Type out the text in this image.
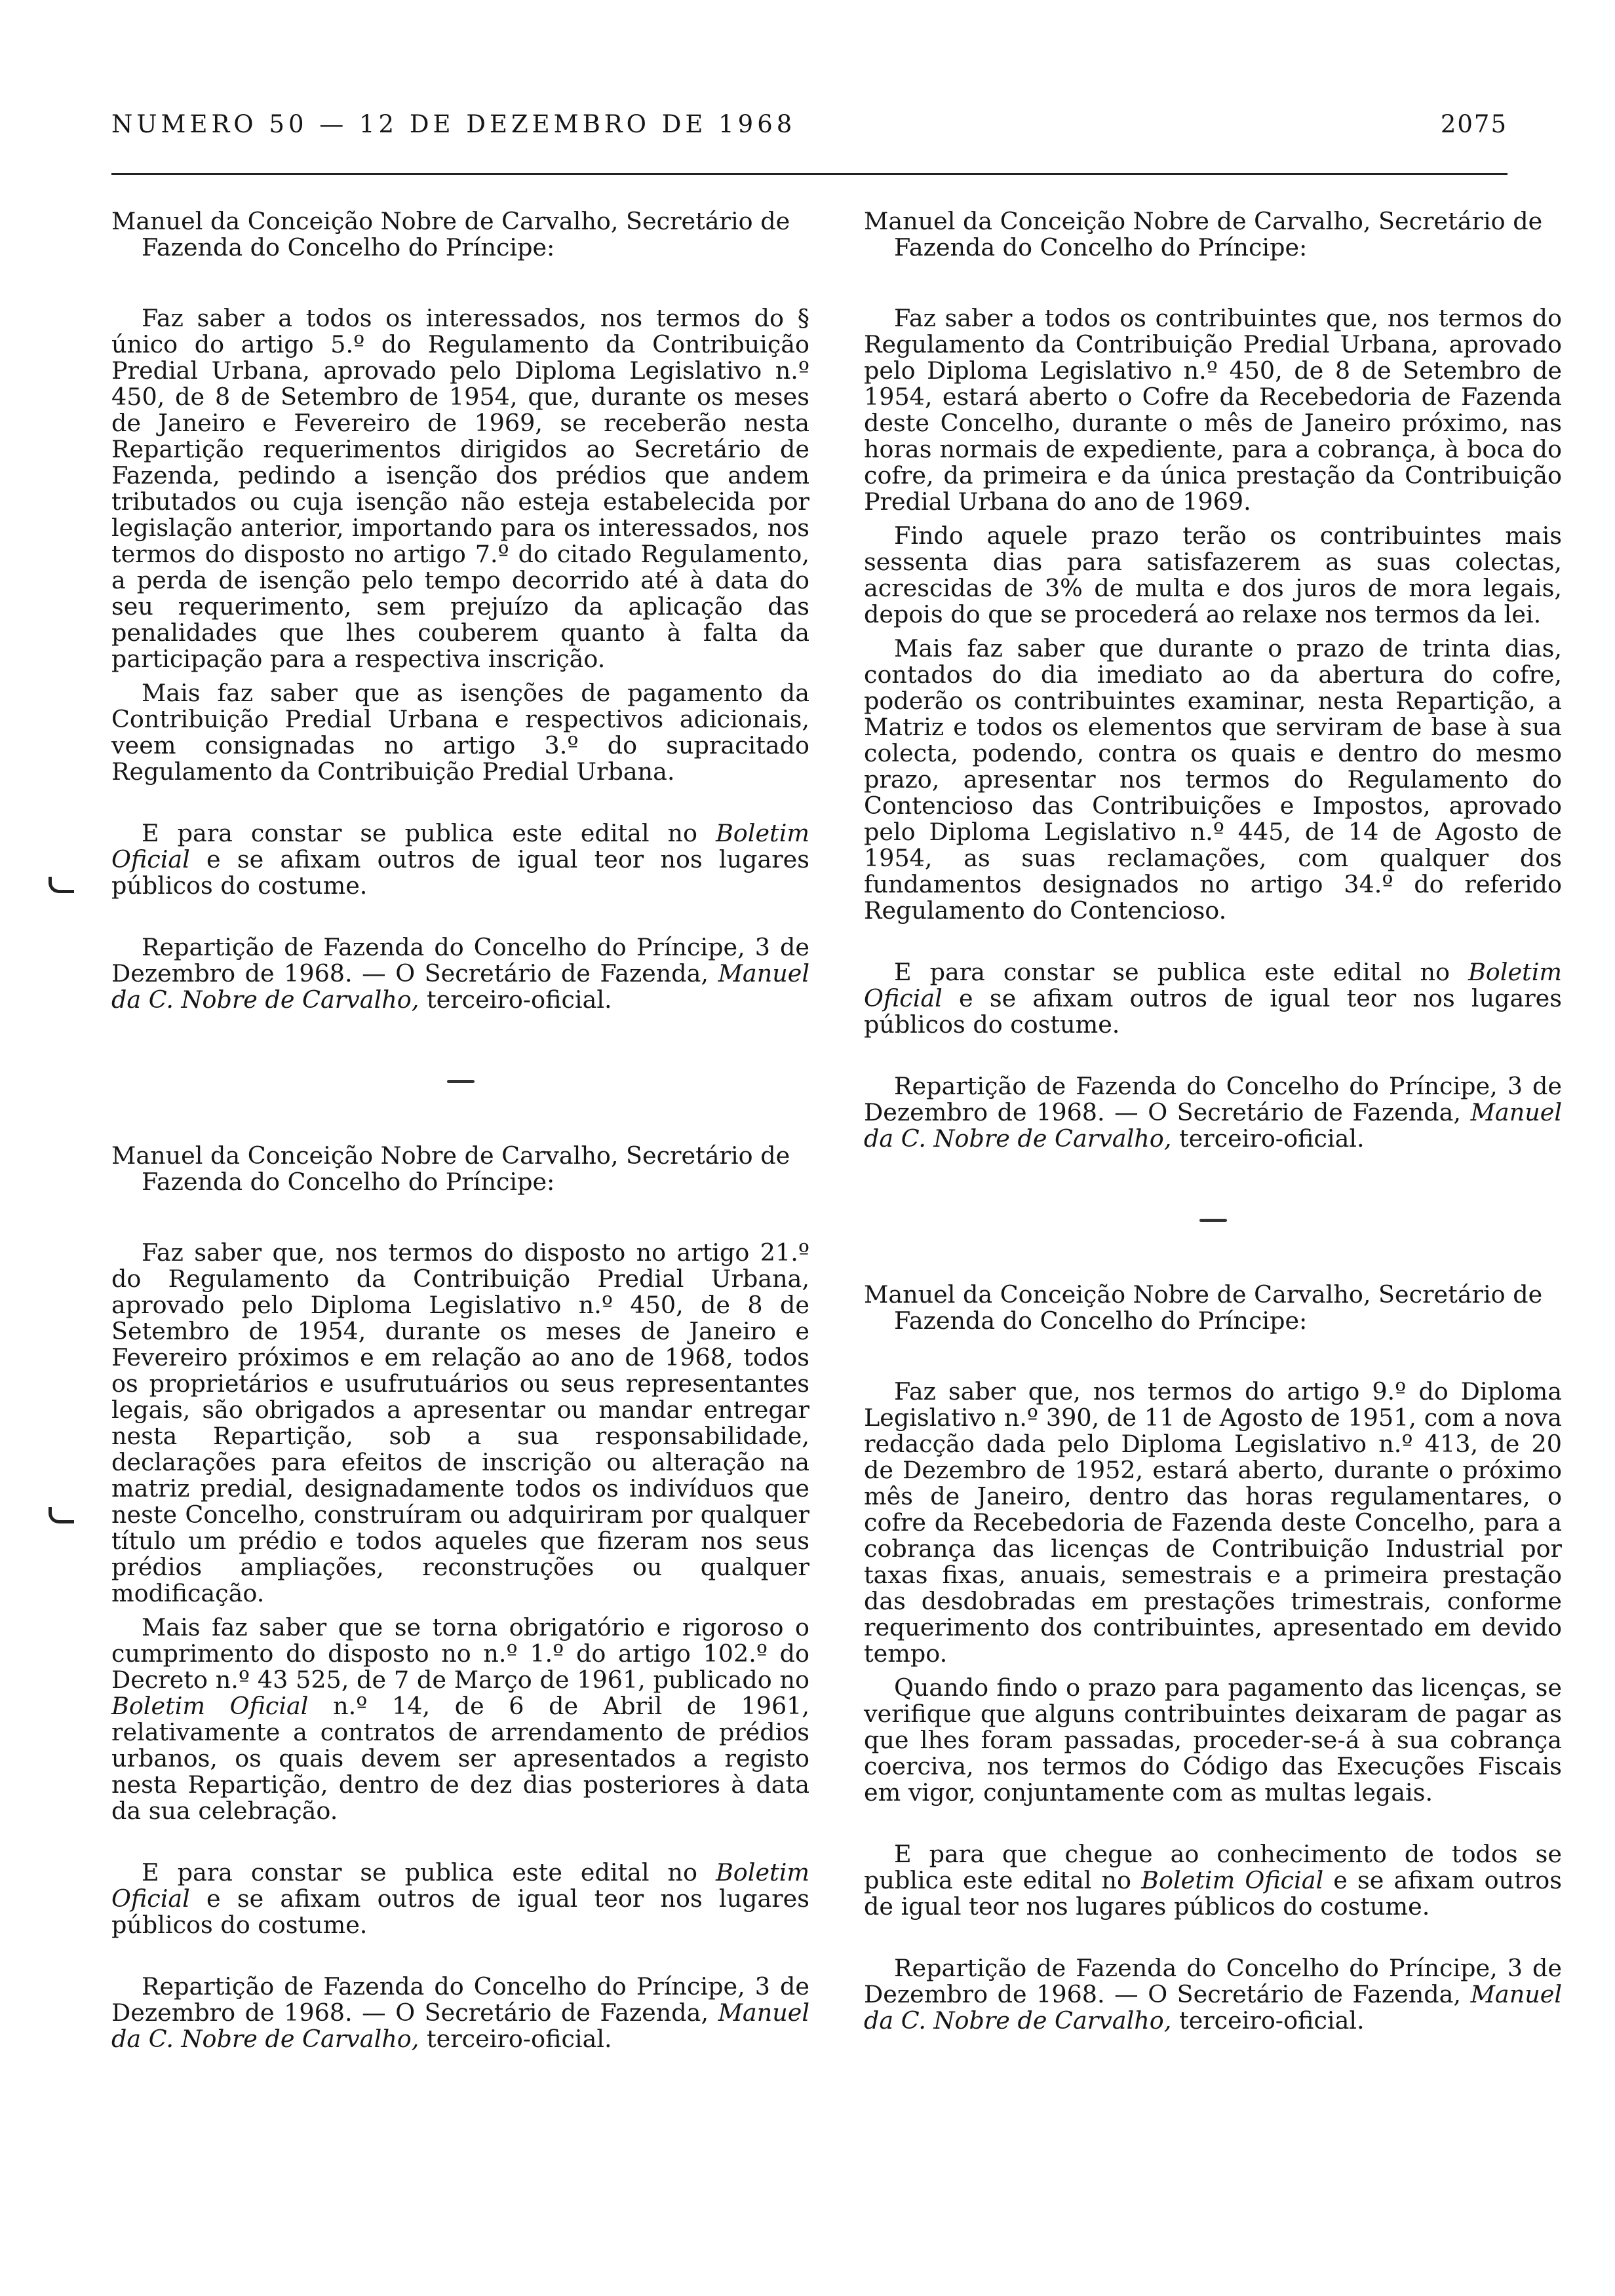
NUMERO 50 — 12 DE DEZEMBRO DE 1968	2075

Manuel da Conceição Nobre de Carvalho, Secretário de Fazenda do Concelho do Príncipe:

Faz saber a todos os interessados, nos termos do § único do artigo 5.º do Regulamento da Contribuição Predial Urbana, aprovado pelo Diploma Legislativo n.º 450, de 8 de Setembro de 1954, que, durante os meses de Janeiro e Fevereiro de 1969, se receberão nesta Repartição requerimentos dirigidos ao Secretário de Fazenda, pedindo a isenção dos prédios que andem tributados ou cuja isenção não esteja estabelecida por legislação anterior, importando para os interessados, nos termos do disposto no artigo 7.º do citado Regulamento, a perda de isenção pelo tempo decorrido até à data do seu requerimento, sem prejuízo da aplicação das penalidades que lhes couberem quanto à falta da participação para a respectiva inscrição.

Mais faz saber que as isenções de pagamento da Contribuição Predial Urbana e respectivos adicionais, veem consignadas no artigo 3.º do supracitado Regulamento da Contribuição Predial Urbana.

E para constar se publica este edital no Boletim Oficial e se afixam outros de igual teor nos lugares públicos do costume.

Repartição de Fazenda do Concelho do Príncipe, 3 de Dezembro de 1968. — O Secretário de Fazenda, Manuel da C. Nobre de Carvalho, terceiro-oficial.

Manuel da Conceição Nobre de Carvalho, Secretário de Fazenda do Concelho do Príncipe:

Faz saber que, nos termos do disposto no artigo 21.º do Regulamento da Contribuição Predial Urbana, aprovado pelo Diploma Legislativo n.º 450, de 8 de Setembro de 1954, durante os meses de Janeiro e Fevereiro próximos e em relação ao ano de 1968, todos os proprietários e usufrutuários ou seus representantes legais, são obrigados a apresentar ou mandar entregar nesta Repartição, sob a sua responsabilidade, declarações para efeitos de inscrição ou alteração na matriz predial, designadamente todos os indivíduos que neste Concelho, construíram ou adquiriram por qualquer título um prédio e todos aqueles que fizeram nos seus prédios ampliações, reconstruções ou qualquer modificação.

Mais faz saber que se torna obrigatório e rigoroso o cumprimento do disposto no n.º 1.º do artigo 102.º do Decreto n.º 43 525, de 7 de Março de 1961, publicado no Boletim Oficial n.º 14, de 6 de Abril de 1961, relativamente a contratos de arrendamento de prédios urbanos, os quais devem ser apresentados a registo nesta Repartição, dentro de dez dias posteriores à data da sua celebração.

E para constar se publica este edital no Boletim Oficial e se afixam outros de igual teor nos lugares públicos do costume.

Repartição de Fazenda do Concelho do Príncipe, 3 de Dezembro de 1968. — O Secretário de Fazenda, Manuel da C. Nobre de Carvalho, terceiro-oficial.

Manuel da Conceição Nobre de Carvalho, Secretário de Fazenda do Concelho do Príncipe:

Faz saber a todos os contribuintes que, nos termos do Regulamento da Contribuição Predial Urbana, aprovado pelo Diploma Legislativo n.º 450, de 8 de Setembro de 1954, estará aberto o Cofre da Recebedoria de Fazenda deste Concelho, durante o mês de Janeiro próximo, nas horas normais de expediente, para a cobrança, à boca do cofre, da primeira e da única prestação da Contribuição Predial Urbana do ano de 1969.

Findo aquele prazo terão os contribuintes mais sessenta dias para satisfazerem as suas colectas, acrescidas de 3% de multa e dos juros de mora legais, depois do que se procederá ao relaxe nos termos da lei.

Mais faz saber que durante o prazo de trinta dias, contados do dia imediato ao da abertura do cofre, poderão os contribuintes examinar, nesta Repartição, a Matriz e todos os elementos que serviram de base à sua colecta, podendo, contra os quais e dentro do mesmo prazo, apresentar nos termos do Regulamento do Contencioso das Contribuições e Impostos, aprovado pelo Diploma Legislativo n.º 445, de 14 de Agosto de 1954, as suas reclamações, com qualquer dos fundamentos designados no artigo 34.º do referido Regulamento do Contencioso.

E para constar se publica este edital no Boletim Oficial e se afixam outros de igual teor nos lugares públicos do costume.

Repartição de Fazenda do Concelho do Príncipe, 3 de Dezembro de 1968. — O Secretário de Fazenda, Manuel da C. Nobre de Carvalho, terceiro-oficial.

Manuel da Conceição Nobre de Carvalho, Secretário de Fazenda do Concelho do Príncipe:

Faz saber que, nos termos do artigo 9.º do Diploma Legislativo n.º 390, de 11 de Agosto de 1951, com a nova redacção dada pelo Diploma Legislativo n.º 413, de 20 de Dezembro de 1952, estará aberto, durante o próximo mês de Janeiro, dentro das horas regulamentares, o cofre da Recebedoria de Fazenda deste Concelho, para a cobrança das licenças de Contribuição Industrial por taxas fixas, anuais, semestrais e a primeira prestação das desdobradas em prestações trimestrais, conforme requerimento dos contribuintes, apresentado em devido tempo.

Quando findo o prazo para pagamento das licenças, se verifique que alguns contribuintes deixaram de pagar as que lhes foram passadas, proceder-se-á à sua cobrança coerciva, nos termos do Código das Execuções Fiscais em vigor, conjuntamente com as multas legais.

E para que chegue ao conhecimento de todos se publica este edital no Boletim Oficial e se afixam outros de igual teor nos lugares públicos do costume.

Repartição de Fazenda do Concelho do Príncipe, 3 de Dezembro de 1968. — O Secretário de Fazenda, Manuel da C. Nobre de Carvalho, terceiro-oficial.
